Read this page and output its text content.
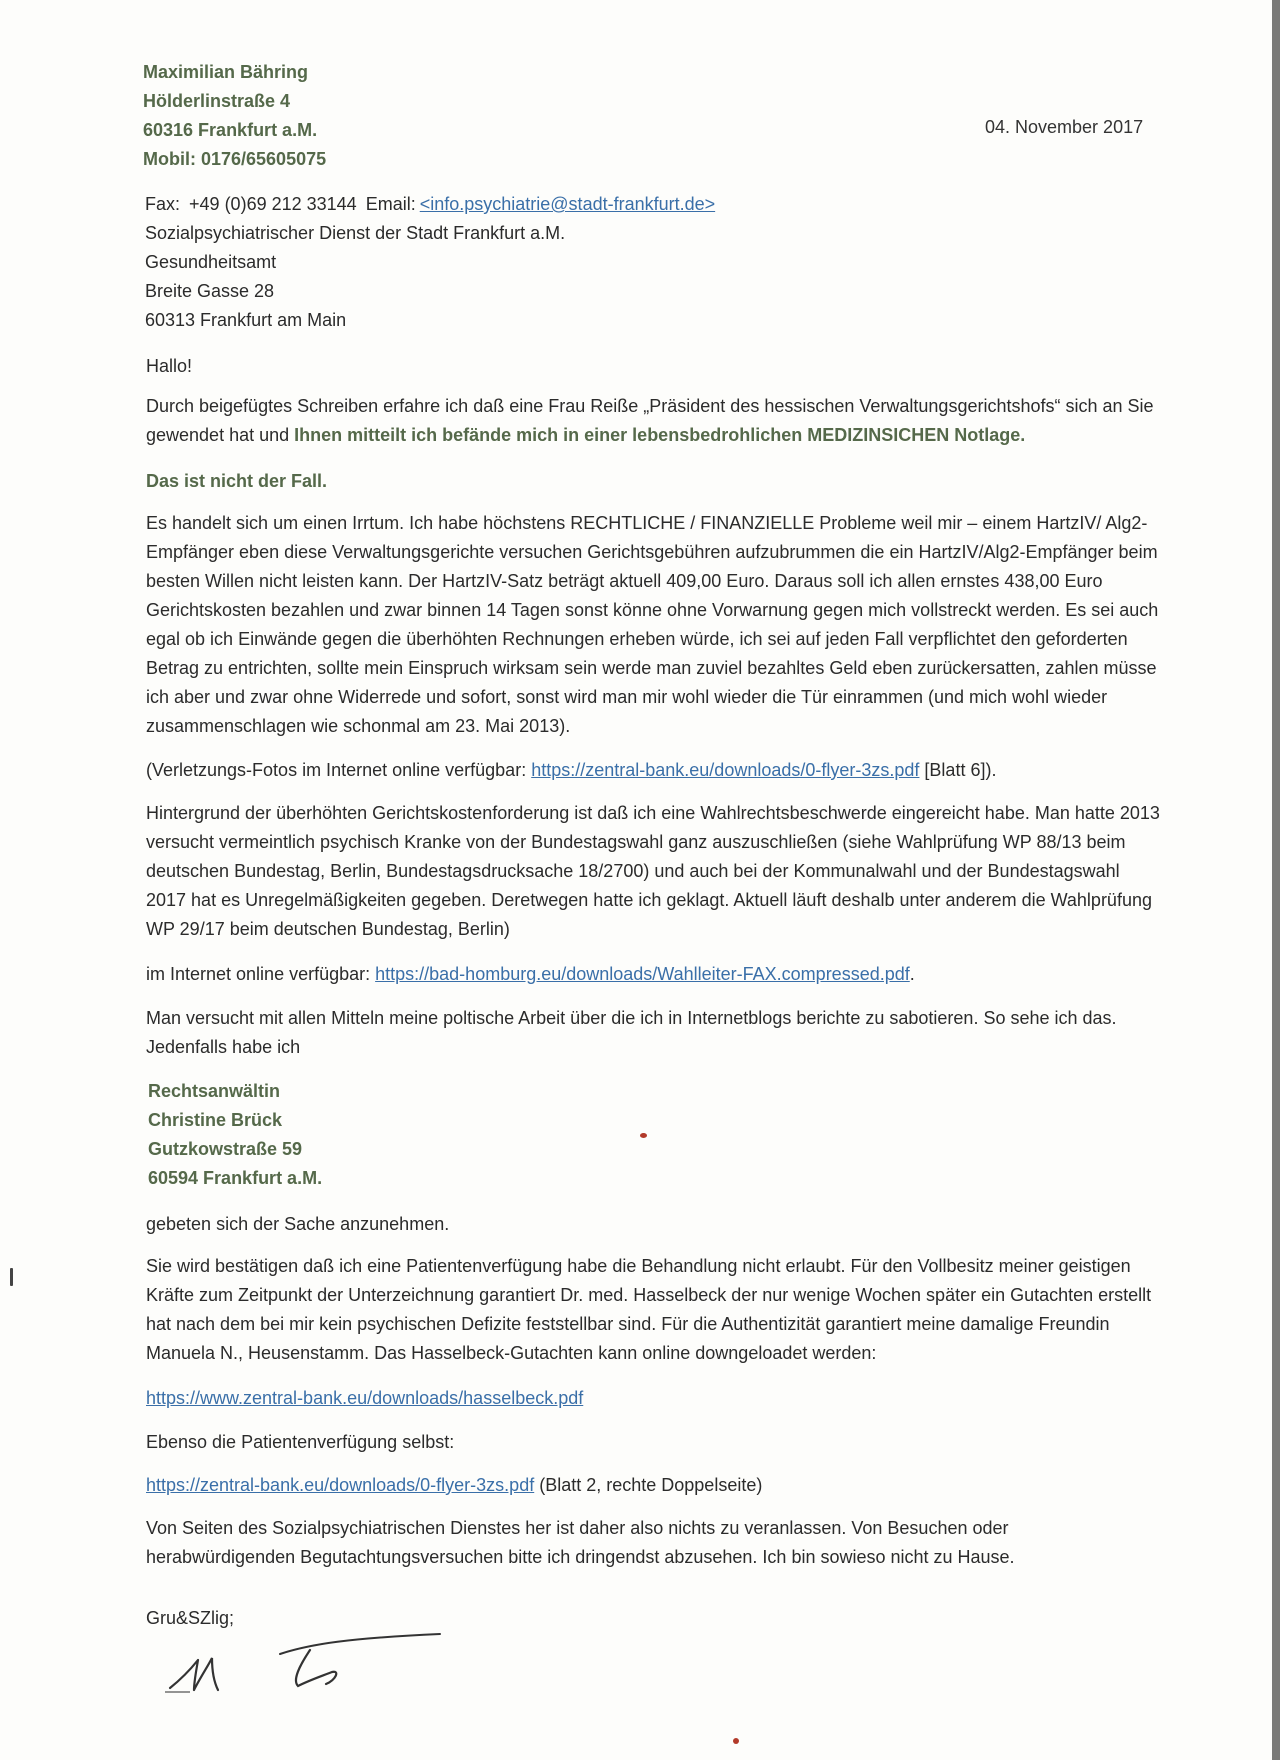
Maximilian Bähring
Hölderlinstraße 4
60316 Frankfurt a.M.
Mobil: 0176/65605075
04. November 2017
Fax: +49 (0)69 212 33144 Email: <info.psychiatrie@stadt-frankfurt.de>
Sozialpsychiatrischer Dienst der Stadt Frankfurt a.M.
Gesundheitsamt
Breite Gasse 28
60313 Frankfurt am Main

Hallo!

Durch beigefügtes Schreiben erfahre ich daß eine Frau Reiße „Präsident des hessischen Verwaltungsgerichtshofs“ sich an Sie gewendet hat und Ihnen mitteilt ich befände mich in einer lebensbedrohlichen MEDIZINSICHEN Notlage.

Das ist nicht der Fall.

Es handelt sich um einen Irrtum. Ich habe höchstens RECHTLICHE / FINANZIELLE Probleme weil mir – einem HartzIV/ Alg2-Empfänger eben diese Verwaltungsgerichte versuchen Gerichtsgebühren aufzubrummen die ein HartzIV/Alg2-Empfänger beim besten Willen nicht leisten kann. Der HartzIV-Satz beträgt aktuell 409,00 Euro. Daraus soll ich allen ernstes 438,00 Euro Gerichtskosten bezahlen und zwar binnen 14 Tagen sonst könne ohne Vorwarnung gegen mich vollstreckt werden. Es sei auch egal ob ich Einwände gegen die überhöhten Rechnungen erheben würde, ich sei auf jeden Fall verpflichtet den geforderten Betrag zu entrichten, sollte mein Einspruch wirksam sein werde man zuviel bezahltes Geld eben zurückersatten, zahlen müsse ich aber und zwar ohne Widerrede und sofort, sonst wird man mir wohl wieder die Tür einrammen (und mich wohl wieder zusammenschlagen wie schonmal am 23. Mai 2013).

(Verletzungs-Fotos im Internet online verfügbar: https://zentral-bank.eu/downloads/0-flyer-3zs.pdf [Blatt 6]).

Hintergrund der überhöhten Gerichtskostenforderung ist daß ich eine Wahlrechtsbeschwerde eingereicht habe. Man hatte 2013 versucht vermeintlich psychisch Kranke von der Bundestagswahl ganz auszuschließen (siehe Wahlprüfung WP 88/13 beim deutschen Bundestag, Berlin, Bundestagsdrucksache 18/2700) und auch bei der Kommunalwahl und der Bundestagswahl 2017 hat es Unregelmäßigkeiten gegeben. Deretwegen hatte ich geklagt. Aktuell läuft deshalb unter anderem die Wahlprüfung WP 29/17 beim deutschen Bundestag, Berlin)

im Internet online verfügbar: https://bad-homburg.eu/downloads/Wahlleiter-FAX.compressed.pdf.

Man versucht mit allen Mitteln meine poltische Arbeit über die ich in Internetblogs berichte zu sabotieren. So sehe ich das. Jedenfalls habe ich

Rechtsanwältin
Christine Brück
Gutzkowstraße 59
60594 Frankfurt a.M.

gebeten sich der Sache anzunehmen.

Sie wird bestätigen daß ich eine Patientenverfügung habe die Behandlung nicht erlaubt. Für den Vollbesitz meiner geistigen Kräfte zum Zeitpunkt der Unterzeichnung garantiert Dr. med. Hasselbeck der nur wenige Wochen später ein Gutachten erstellt hat nach dem bei mir kein psychischen Defizite feststellbar sind. Für die Authentizität garantiert meine damalige Freundin Manuela N., Heusenstamm. Das Hasselbeck-Gutachten kann online downgeloadet werden:

https://www.zentral-bank.eu/downloads/hasselbeck.pdf

Ebenso die Patientenverfügung selbst:

https://zentral-bank.eu/downloads/0-flyer-3zs.pdf (Blatt 2, rechte Doppelseite)

Von Seiten des Sozialpsychiatrischen Dienstes her ist daher also nichts zu veranlassen. Von Besuchen oder herabwürdigenden Begutachtungsversuchen bitte ich dringendst abzusehen. Ich bin sowieso nicht zu Hause.

Gru&SZlig;
